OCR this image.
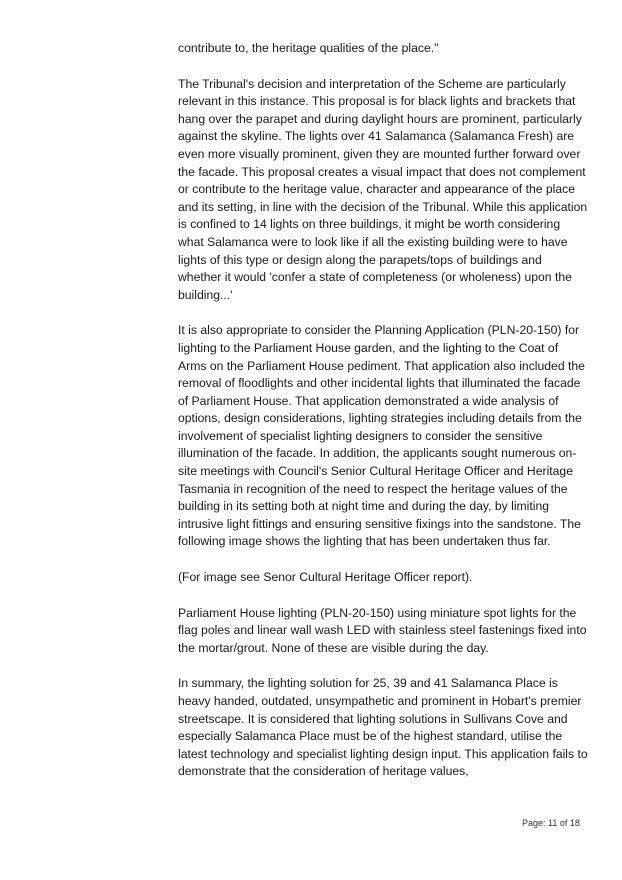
contribute to, the heritage qualities of the place."

The Tribunal's decision and interpretation of the Scheme are particularly relevant in this instance. This proposal is for black lights and brackets that hang over the parapet and during daylight hours are prominent, particularly against the skyline. The lights over 41 Salamanca (Salamanca Fresh) are even more visually prominent, given they are mounted further forward over the facade. This proposal creates a visual impact that does not complement or contribute to the heritage value, character and appearance of the place and its setting, in line with the decision of the Tribunal. While this application is confined to 14 lights on three buildings, it might be worth considering what Salamanca were to look like if all the existing building were to have lights of this type or design along the parapets/tops of buildings and whether it would 'confer a state of completeness (or wholeness) upon the building...'

It is also appropriate to consider the Planning Application (PLN-20-150) for lighting to the Parliament House garden, and the lighting to the Coat of Arms on the Parliament House pediment. That application also included the removal of floodlights and other incidental lights that illuminated the facade of Parliament House. That application demonstrated a wide analysis of options, design considerations, lighting strategies including details from the involvement of specialist lighting designers to consider the sensitive illumination of the facade. In addition, the applicants sought numerous on-site meetings with Council's Senior Cultural Heritage Officer and Heritage Tasmania in recognition of the need to respect the heritage values of the building in its setting both at night time and during the day, by limiting intrusive light fittings and ensuring sensitive fixings into the sandstone. The following image shows the lighting that has been undertaken thus far.

(For image see Senor Cultural Heritage Officer report).

Parliament House lighting (PLN-20-150) using miniature spot lights for the flag poles and linear wall wash LED with stainless steel fastenings fixed into the mortar/grout. None of these are visible during the day.

In summary, the lighting solution for 25, 39 and 41 Salamanca Place is heavy handed, outdated, unsympathetic and prominent in Hobart's premier streetscape. It is considered that lighting solutions in Sullivans Cove and especially Salamanca Place must be of the highest standard, utilise the latest technology and specialist lighting design input. This application fails to demonstrate that the consideration of heritage values,

Page: 11 of 18
